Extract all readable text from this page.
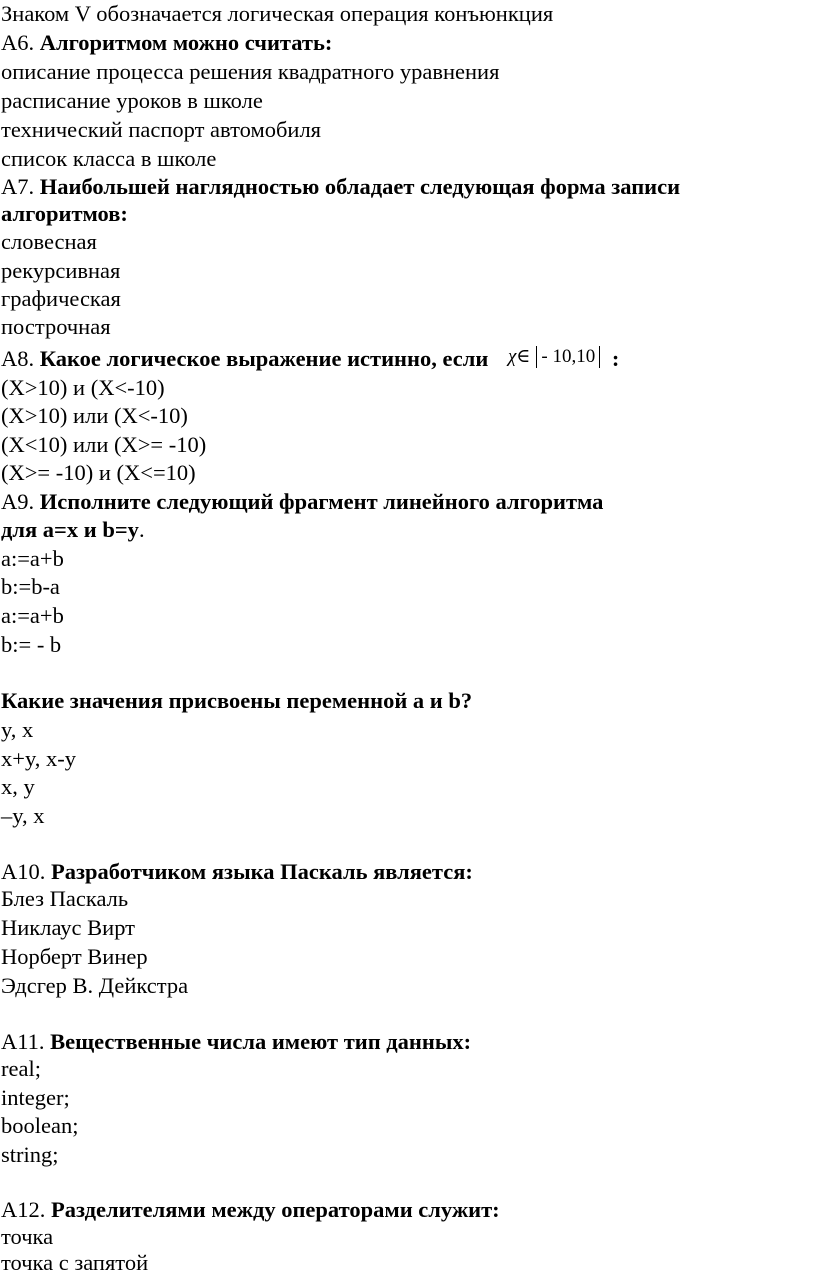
Знаком V обозначается логическая операция конъюнкция
А6. Алгоритмом можно считать:
описание процесса решения квадратного уравнения
расписание уроков в школе
технический паспорт автомобиля
список класса в школе
А7. Наибольшей наглядностью обладает следующая форма записи
алгоритмов:
словесная
рекурсивная
графическая
построчная
А8. Какое логическое выражение истинно, если χ∈ - 10,10 :
(X>10) и (X<-10)
(X>10) или (X<-10)
(X<10) или (X>= -10)
(X>= -10) и (X<=10)
А9. Исполните следующий фрагмент линейного алгоритма
для a=x и b=y.
a:=a+b
b:=b-a
a:=a+b
b:= - b
Какие значения присвоены переменной a и b?
y, x
x+y, x-y
x, y
–y, x
А10. Разработчиком языка Паскаль является:
Блез Паскаль
Никлаус Вирт
Норберт Винер
Эдсгер В. Дейкстра
А11. Вещественные числа имеют тип данных:
real;
integer;
boolean;
string;
А12. Разделителями между операторами служит:
точка
точка с запятой
